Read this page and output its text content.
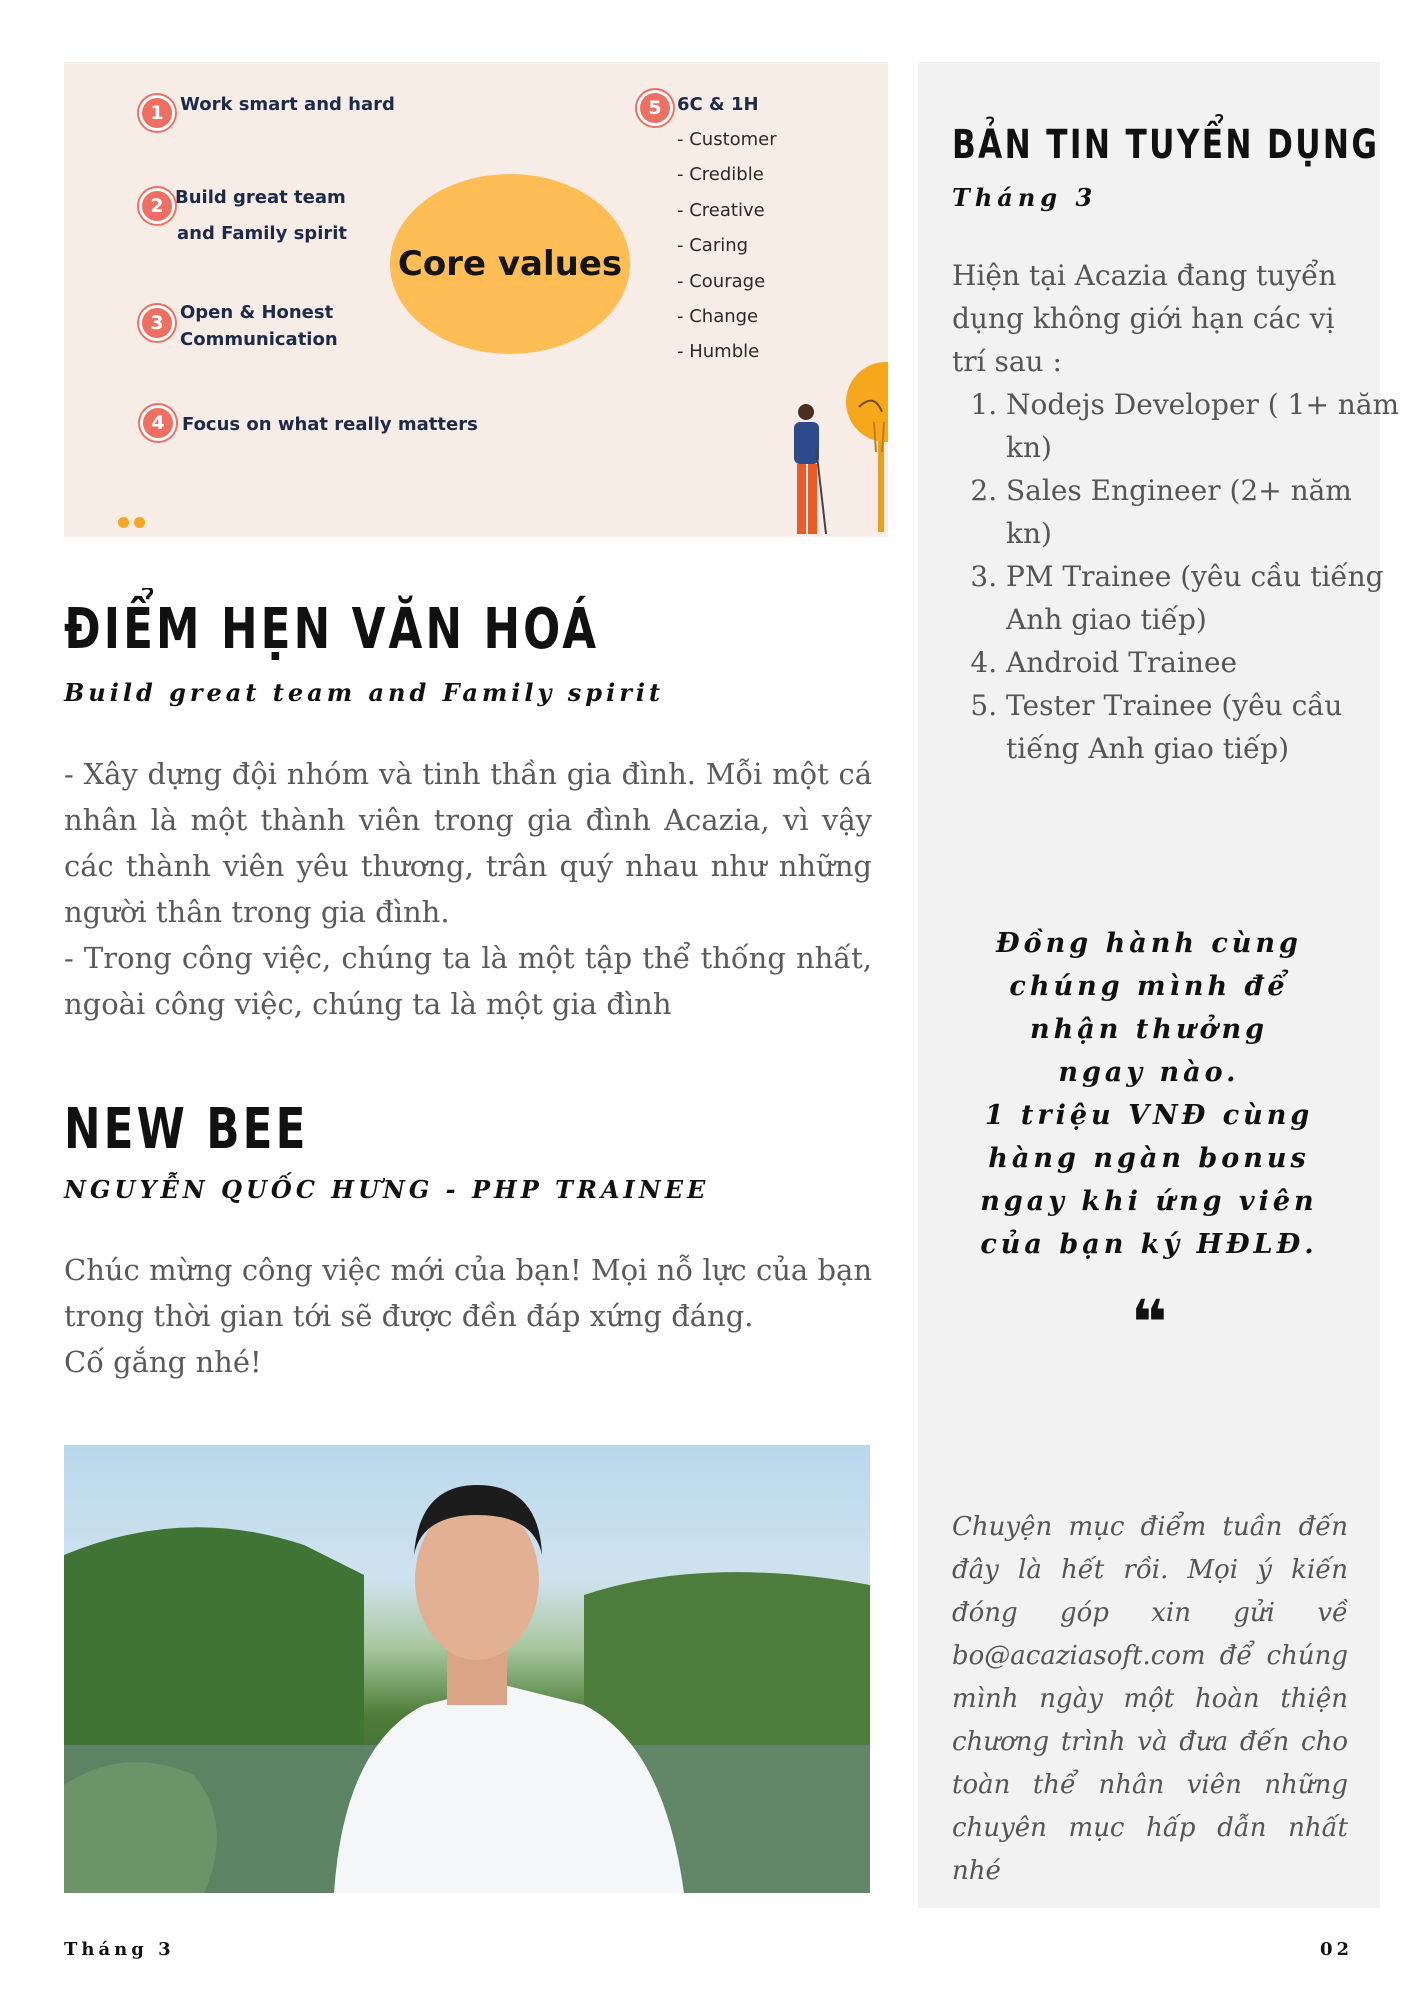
1 Work smart and hard
2 Build great team
and Family spirit
3 Open & Honest
Communication
4 Focus on what really matters
5 6C & 1H
- Customer
- Credible
- Creative
- Caring
- Courage
- Change
- Humble
Core values
ĐIỂM HẸN VĂN HOÁ
Build great team and Family spirit
- Xây dựng đội nhóm và tinh thần gia đình. Mỗi một cá nhân là một thành viên trong gia đình Acazia, vì vậy các thành viên yêu thương, trân quý nhau như những người thân trong gia đình.
- Trong công việc, chúng ta là một tập thể thống nhất, ngoài công việc, chúng ta là một gia đình
NEW BEE
NGUYỄN QUỐC HƯNG - PHP TRAINEE
Chúc mừng công việc mới của bạn! Mọi nỗ lực của bạn trong thời gian tới sẽ được đền đáp xứng đáng.
Cố gắng nhé!
BẢN TIN TUYỂN DỤNG
Tháng 3
Hiện tại Acazia đang tuyển dụng không giới hạn các vị trí sau :
1. Nodejs Developer ( 1+ năm kn)
2. Sales Engineer (2+ năm kn)
3. PM Trainee (yêu cầu tiếng Anh giao tiếp)
4. Android Trainee
5. Tester Trainee (yêu cầu tiếng Anh giao tiếp)
Đồng hành cùng
chúng mình để
nhận thưởng
ngay nào.
1 triệu VNĐ cùng
hàng ngàn bonus
ngay khi ứng viên
của bạn ký HĐLĐ.
❝
Chuyện mục điểm tuần đến đây là hết rồi. Mọi ý kiến đóng góp xin gửi về bo@acaziasoft.com để chúng mình ngày một hoàn thiện chương trình và đưa đến cho toàn thể nhân viên những chuyên mục hấp dẫn nhất nhé
Tháng 3	02
